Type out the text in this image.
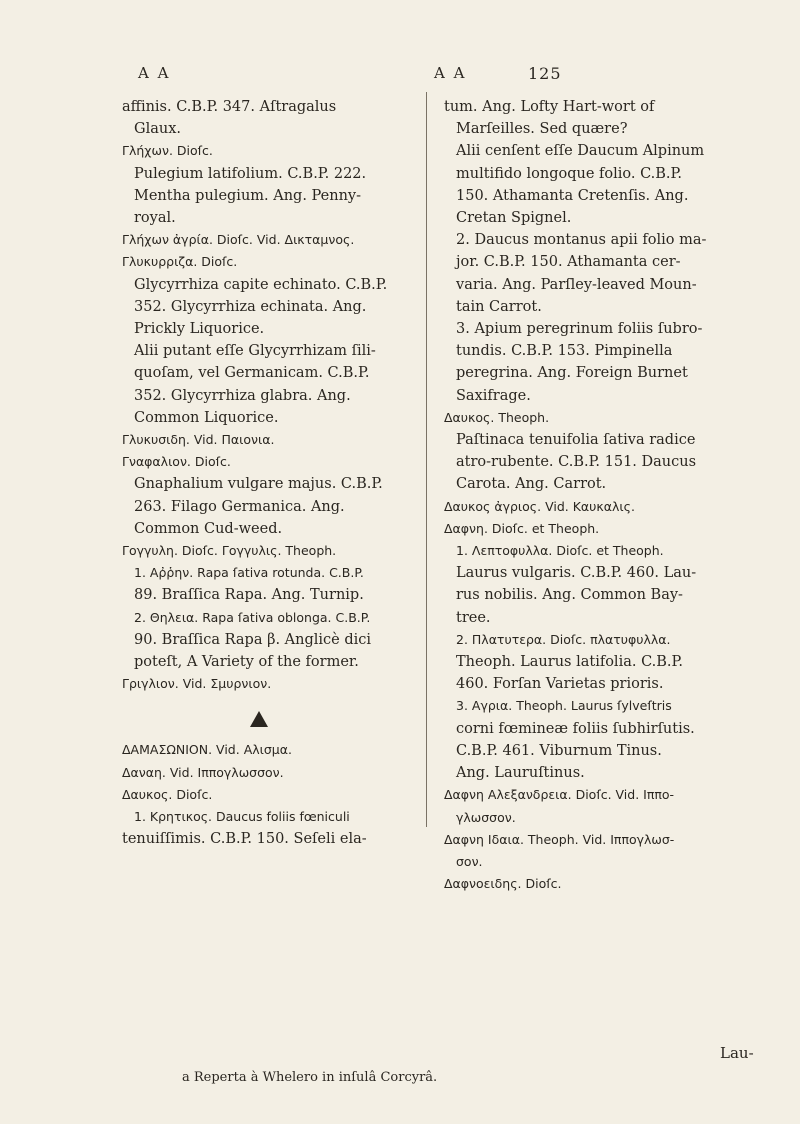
A A	A A	125
affinis. C.B.P. 347. Aſtragalus
Glaux.
Γλήχων. Dioſc.
Pulegium latifolium. C.B.P. 222.
Mentha pulegium. Ang. Penny-
royal.
Γλήχων ἀγρία. Dioſc. Vid. Δικταμνος.
Γλυκυρριζα. Dioſc.
Glycyrrhiza capite echinato. C.B.P.
352. Glycyrrhiza echinata. Ang.
Prickly Liquorice.
Alii putant eſſe Glycyrrhizam ſili-
quoſam, vel Germanicam. C.B.P.
352. Glycyrrhiza glabra. Ang.
Common Liquorice.
Γλυκυσιδη. Vid. Παιονια.
Γναφαλιον. Dioſc.
Gnaphalium vulgare majus. C.B.P.
263. Filago Germanica. Ang.
Common Cud-weed.
Γογγυλη. Dioſc. Γογγυλις. Theoph.
1. Αῤῥην. Rapa ſativa rotunda. C.B.P.
89. Braſſica Rapa. Ang. Turnip.
2. Θηλεια. Rapa ſativa oblonga. C.B.P.
90. Braſſica Rapa β. Anglicè dici
poteſt, A Variety of the former.
Γριγλιον. Vid. Σμυρνιον.
ΔΑΜΑΣΩΝΙΟΝ. Vid. Αλισμα.
Δαναη. Vid. Ιππογλωσσον.
Δαυκος. Dioſc.
1. Κρητικος. Daucus foliis fœniculi
tenuiſſimis. C.B.P. 150. Seſeli ela-
tum. Ang. Lofty Hart-wort of
Marſeilles. Sed quære?
Alii cenſent eſſe Daucum Alpinum
multifido longoque folio. C.B.P.
150. Athamanta Cretenſis. Ang.
Cretan Spignel.
2. Daucus montanus apii folio ma-
jor. C.B.P. 150. Athamanta cer-
varia. Ang. Parſley-leaved Moun-
tain Carrot.
3. Apium peregrinum foliis ſubro-
tundis. C.B.P. 153. Pimpinella
peregrina. Ang. Foreign Burnet
Saxifrage.
Δαυκος. Theoph.
Paſtinaca tenuifolia ſativa radice
atro-rubente. C.B.P. 151. Daucus
Carota. Ang. Carrot.
Δαυκος ἀγριος. Vid. Καυκαλις.
Δαφνη. Dioſc. et Theoph.
1. Λεπτοφυλλα. Dioſc. et Theoph.
Laurus vulgaris. C.B.P. 460. Lau-
rus nobilis. Ang. Common Bay-
tree.
2. Πλατυτερα. Dioſc. πλατυφυλλα.
Theoph. Laurus latifolia. C.B.P.
460. Forſan Varietas prioris.
3. Αγρια. Theoph. Laurus ſylveſtris
corni fœmineæ foliis ſubhirſutis.
C.B.P. 461. Viburnum Tinus.
Ang. Lauruſtinus.
Δαφνη Αλεξανδρεια. Dioſc. Vid. Ιππο-
γλωσσον.
Δαφνη Ιδαια. Theoph. Vid. Ιππογλωσ-
σον.
Δαφνοειδης. Dioſc.
Lau-
a Reperta à Whelero in inſulâ Corcyrâ.
